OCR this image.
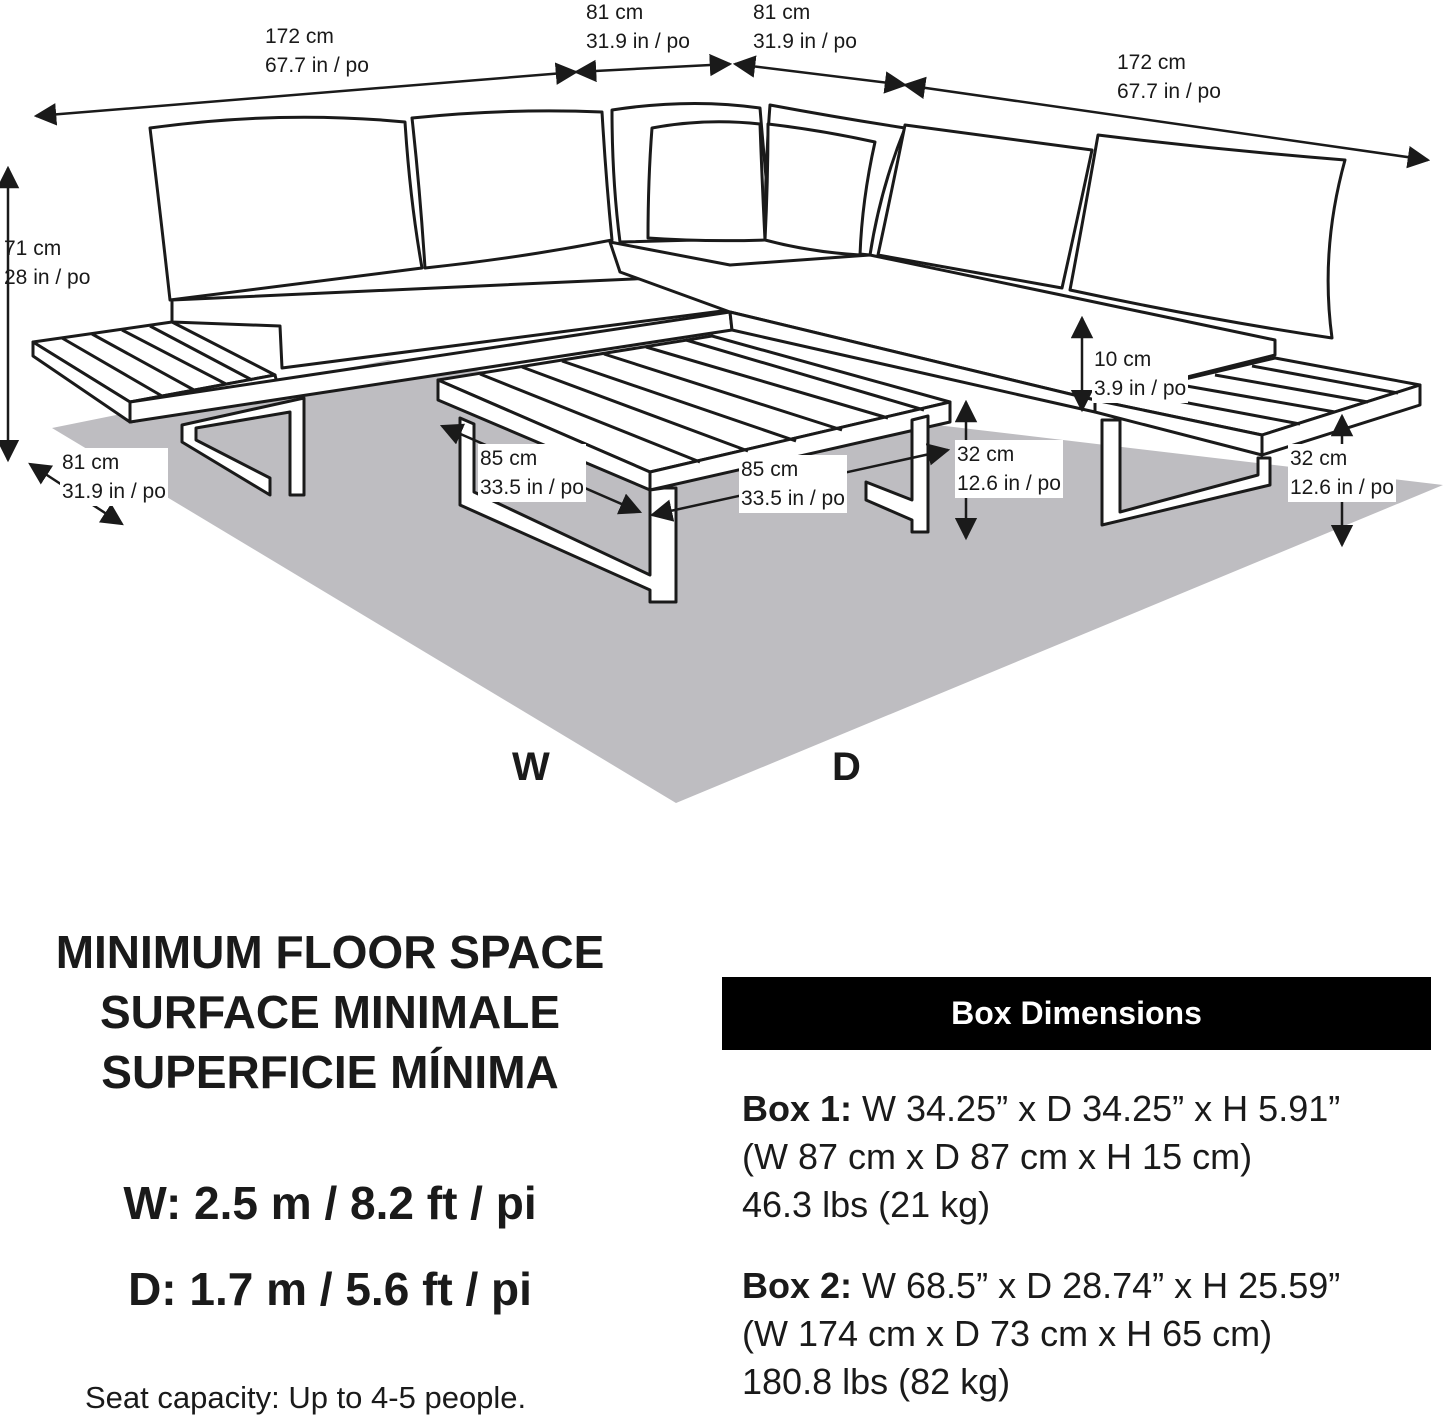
172 cm
67.7 in / po
81 cm
31.9 in / po
81 cm
31.9 in / po
172 cm
67.7 in / po
71 cm
28 in / po
81 cm
31.9 in / po
10 cm
3.9 in / po
85 cm
33.5 in / po
85 cm
33.5 in / po
32 cm
12.6 in / po
32 cm
12.6 in / po
W	D
MINIMUM FLOOR SPACE
SURFACE MINIMALE
SUPERFICIE MÍNIMA
W: 2.5 m / 8.2 ft / pi
D: 1.7 m / 5.6 ft / pi
Seat capacity: Up to 4-5 people.
Box Dimensions
Box 1: W 34.25” x D 34.25” x H 5.91”
(W 87 cm x D 87 cm x H 15 cm)
46.3 lbs (21 kg)
Box 2: W 68.5” x D 28.74” x H 25.59”
(W 174 cm x D 73 cm x H 65 cm)
180.8 lbs (82 kg)
